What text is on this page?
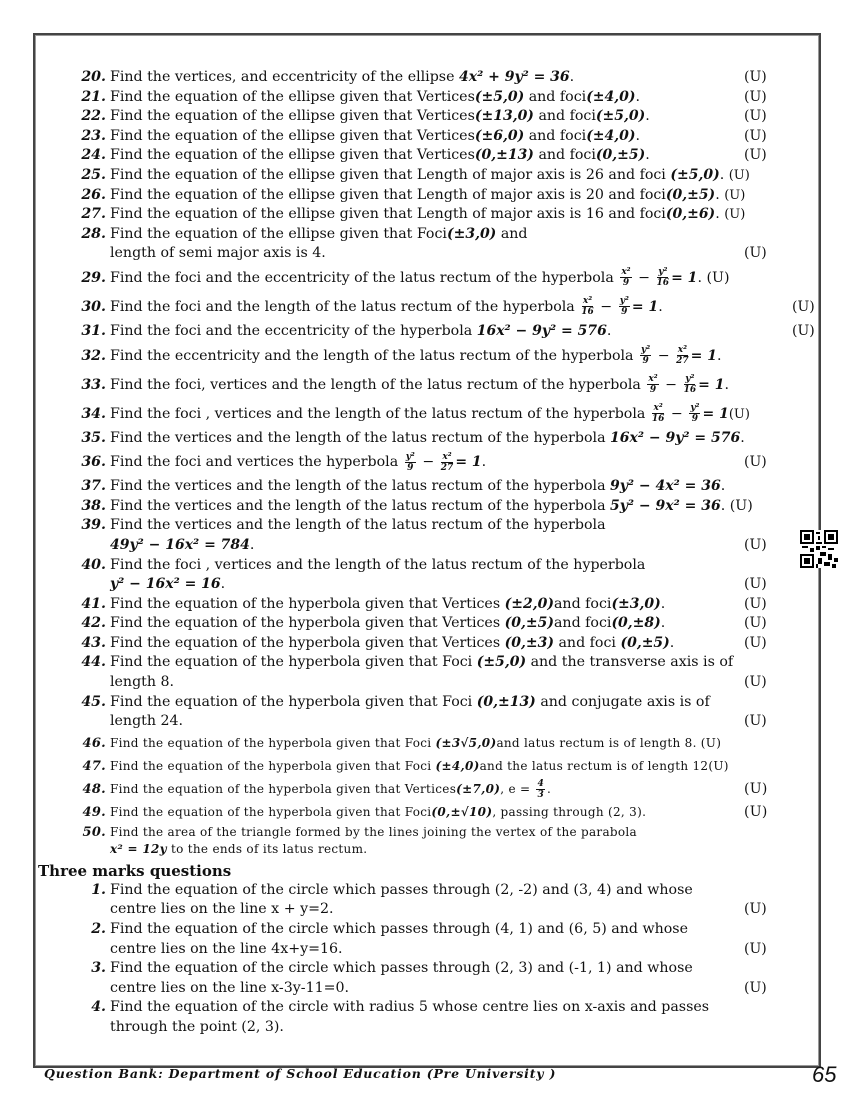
20. Find the vertices, and eccentricity of the ellipse 4x² + 9y² = 36.	(U)
21. Find the equation of the ellipse given that Vertices(±5,0) and foci(±4,0).	(U)
22. Find the equation of the ellipse given that Vertices(±13,0) and foci(±5,0).	(U)
23. Find the equation of the ellipse given that Vertices(±6,0) and foci(±4,0).	(U)
24. Find the equation of the ellipse given that Vertices(0,±13) and foci(0,±5).	(U)
25. Find the equation of the ellipse given that Length of major axis is 26 and foci (±5,0). (U)
26. Find the equation of the ellipse given that Length of major axis is 20 and foci(0,±5). (U)
27. Find the equation of the ellipse given that Length of major axis is 16 and foci(0,±6). (U)
28. Find the equation of the ellipse given that Foci(±3,0) and
length of semi major axis is 4.	(U)
29. Find the foci and the eccentricity of the latus rectum of the hyperbola $\frac{\text{x²}}{9} - \frac{\text{y²}}{16} = 1$. (U)
30. Find the foci and the length of the latus rectum of the hyperbola $\frac{\text{x²}}{16} - \frac{\text{y²}}{9} = 1$.	(U)
31. Find the foci and the eccentricity of the hyperbola 16x² − 9y² = 576.	(U)
32. Find the eccentricity and the length of the latus rectum of the hyperbola $\frac{\text{y²}}{9} - \frac{\text{x²}}{27} = 1$.
33. Find the foci, vertices and the length of the latus rectum of the hyperbola $\frac{\text{x²}}{9} - \frac{\text{y²}}{16} = 1$.
34. Find the foci , vertices and the length of the latus rectum of the hyperbola $\frac{\text{x²}}{16} - \frac{\text{y²}}{9} = 1(U)$
35. Find the vertices and the length of the latus rectum of the hyperbola 16x² − 9y² = 576.
36. Find the foci and vertices the hyperbola $\frac{\text{y²}}{9} - \frac{\text{x²}}{27} = 1$.	(U)
37. Find the vertices and the length of the latus rectum of the hyperbola 9y² − 4x² = 36.
38. Find the vertices and the length of the latus rectum of the hyperbola 5y² − 9x² = 36. (U)
39. Find the vertices and the length of the latus rectum of the hyperbola
49y² − 16x² = 784.	(U)
40. Find the foci , vertices and the length of the latus rectum of the hyperbola
y² − 16x² = 16.	(U)
41. Find the equation of the hyperbola given that Vertices (±2,0)and foci(±3,0).	(U)
42. Find the equation of the hyperbola given that Vertices (0,±5)and foci(0,±8).	(U)
43. Find the equation of the hyperbola given that Vertices (0,±3) and foci (0,±5).	(U)
44. Find the equation of the hyperbola given that Foci (±5,0) and the transverse axis is of
length 8.	(U)
45. Find the equation of the hyperbola given that Foci (0,±13) and conjugate axis is of
length 24.	(U)
46. Find the equation of the hyperbola given that Foci (±3√5,0)and latus rectum is of length 8. (U)
47. Find the equation of the hyperbola given that Foci (±4,0)and the latus rectum is of length 12(U)
48. Find the equation of the hyperbola given that Vertices(±7,0), $e = \frac{4}{3}$ .	(U)
49. Find the equation of the hyperbola given that Foci(0,±√10), passing through (2, 3).	(U)
50. Find the area of the triangle formed by the lines joining the vertex of the parabola
x² = 12y to the ends of its latus rectum.
Three marks questions
1. Find the equation of the circle which passes through (2, -2) and (3, 4) and whose
centre lies on the line x + y=2.	(U)
2. Find the equation of the circle which passes through (4, 1) and (6, 5) and whose
centre lies on the line 4x+y=16.	(U)
3. Find the equation of the circle which passes through (2, 3) and (-1, 1) and whose
centre lies on the line x-3y-11=0.	(U)
4. Find the equation of the circle with radius 5 whose centre lies on x-axis and passes
through the point (2, 3).
Question Bank: Department of School Education (Pre University )	65
